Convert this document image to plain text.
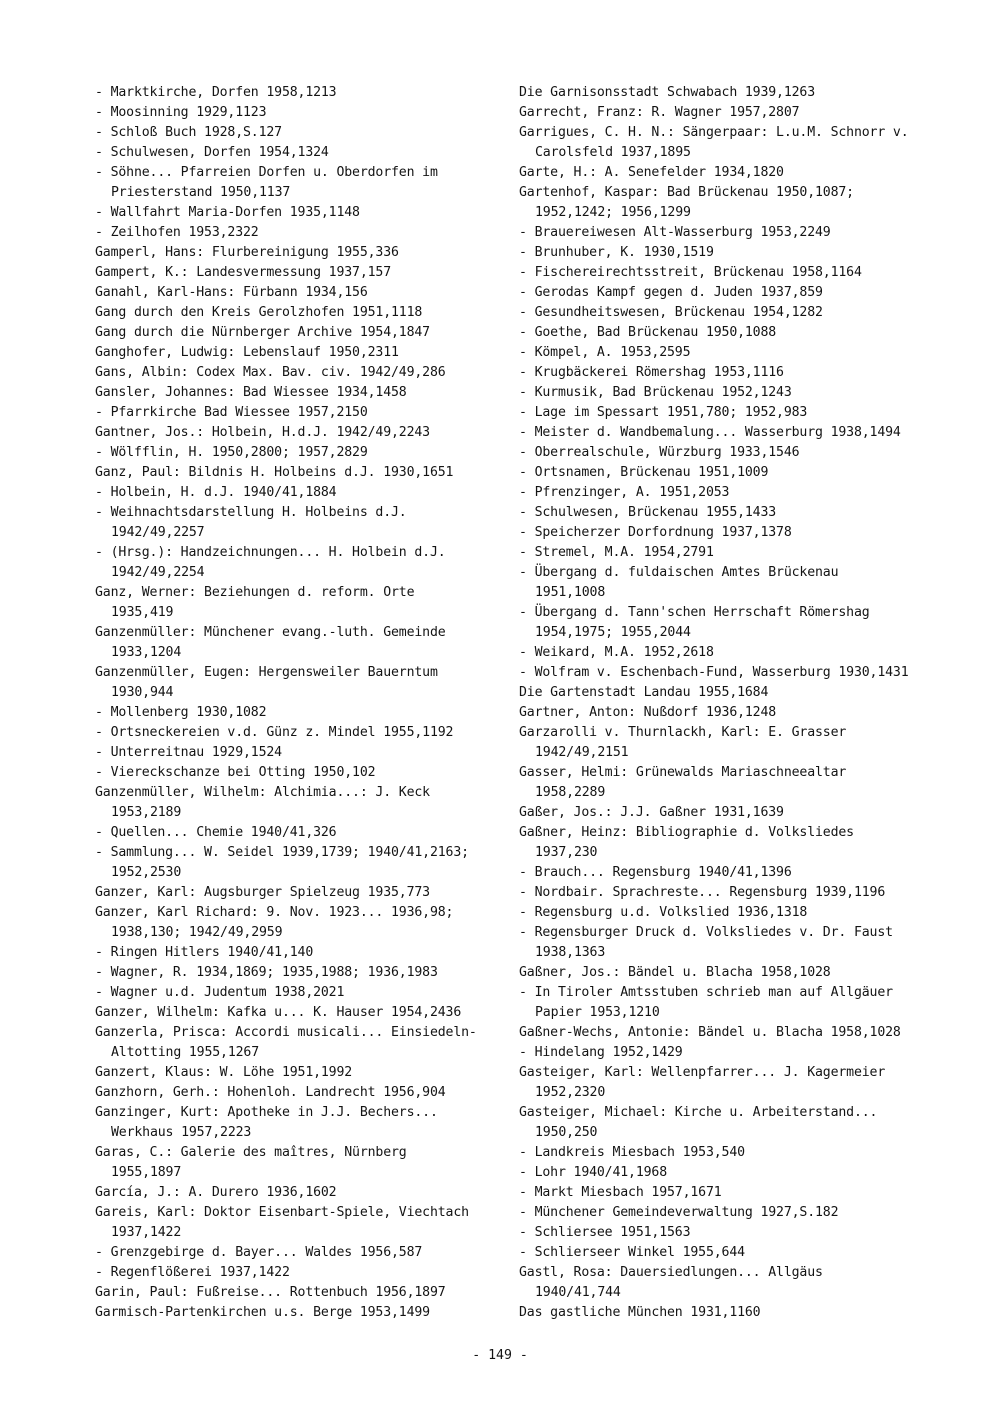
- Marktkirche, Dorfen 1958,1213
- Moosinning 1929,1123
- Schloß Buch 1928,S.127
- Schulwesen, Dorfen 1954,1324
- Söhne... Pfarreien Dorfen u. Oberdorfen im
Priesterstand 1950,1137
- Wallfahrt Maria-Dorfen 1935,1148
- Zeilhofen 1953,2322
Gamperl, Hans: Flurbereinigung 1955,336
Gampert, K.: Landesvermessung 1937,157
Ganahl, Karl-Hans: Fürbann 1934,156
Gang durch den Kreis Gerolzhofen 1951,1118
Gang durch die Nürnberger Archive 1954,1847
Ganghofer, Ludwig: Lebenslauf 1950,2311
Gans, Albin: Codex Max. Bav. civ. 1942/49,286
Gansler, Johannes: Bad Wiessee 1934,1458
- Pfarrkirche Bad Wiessee 1957,2150
Gantner, Jos.: Holbein, H.d.J. 1942/49,2243
- Wölfflin, H. 1950,2800; 1957,2829
Ganz, Paul: Bildnis H. Holbeins d.J. 1930,1651
- Holbein, H. d.J. 1940/41,1884
- Weihnachtsdarstellung H. Holbeins d.J.
1942/49,2257
- (Hrsg.): Handzeichnungen... H. Holbein d.J.
1942/49,2254
Ganz, Werner: Beziehungen d. reform. Orte
1935,419
Ganzenmüller: Münchener evang.-luth. Gemeinde
1933,1204
Ganzenmüller, Eugen: Hergensweiler Bauerntum
1930,944
- Mollenberg 1930,1082
- Ortsneckereien v.d. Günz z. Mindel 1955,1192
- Unterreitnau 1929,1524
- Viereckschanze bei Otting 1950,102
Ganzenmüller, Wilhelm: Alchimia...: J. Keck
1953,2189
- Quellen... Chemie 1940/41,326
- Sammlung... W. Seidel 1939,1739; 1940/41,2163;
1952,2530
Ganzer, Karl: Augsburger Spielzeug 1935,773
Ganzer, Karl Richard: 9. Nov. 1923... 1936,98;
1938,130; 1942/49,2959
- Ringen Hitlers 1940/41,140
- Wagner, R. 1934,1869; 1935,1988; 1936,1983
- Wagner u.d. Judentum 1938,2021
Ganzer, Wilhelm: Kafka u... K. Hauser 1954,2436
Ganzerla, Prisca: Accordi musicali... Einsiedeln-
Altotting 1955,1267
Ganzert, Klaus: W. Löhe 1951,1992
Ganzhorn, Gerh.: Hohenloh. Landrecht 1956,904
Ganzinger, Kurt: Apotheke in J.J. Bechers...
Werkhaus 1957,2223
Garas, C.: Galerie des maîtres, Nürnberg
1955,1897
García, J.: A. Durero 1936,1602
Gareis, Karl: Doktor Eisenbart-Spiele, Viechtach
1937,1422
- Grenzgebirge d. Bayer... Waldes 1956,587
- Regenflößerei 1937,1422
Garin, Paul: Fußreise... Rottenbuch 1956,1897
Garmisch-Partenkirchen u.s. Berge 1953,1499
Die Garnisonsstadt Schwabach 1939,1263
Garrecht, Franz: R. Wagner 1957,2807
Garrigues, C. H. N.: Sängerpaar: L.u.M. Schnorr v.
Carolsfeld 1937,1895
Garte, H.: A. Senefelder 1934,1820
Gartenhof, Kaspar: Bad Brückenau 1950,1087;
1952,1242; 1956,1299
- Brauereiwesen Alt-Wasserburg 1953,2249
- Brunhuber, K. 1930,1519
- Fischereirechtsstreit, Brückenau 1958,1164
- Gerodas Kampf gegen d. Juden 1937,859
- Gesundheitswesen, Brückenau 1954,1282
- Goethe, Bad Brückenau 1950,1088
- Kömpel, A. 1953,2595
- Krugbäckerei Römershag 1953,1116
- Kurmusik, Bad Brückenau 1952,1243
- Lage im Spessart 1951,780; 1952,983
- Meister d. Wandbemalung... Wasserburg 1938,1494
- Oberrealschule, Würzburg 1933,1546
- Ortsnamen, Brückenau 1951,1009
- Pfrenzinger, A. 1951,2053
- Schulwesen, Brückenau 1955,1433
- Speicherzer Dorfordnung 1937,1378
- Stremel, M.A. 1954,2791
- Übergang d. fuldaischen Amtes Brückenau
1951,1008
- Übergang d. Tann'schen Herrschaft Römershag
1954,1975; 1955,2044
- Weikard, M.A. 1952,2618
- Wolfram v. Eschenbach-Fund, Wasserburg 1930,1431
Die Gartenstadt Landau 1955,1684
Gartner, Anton: Nußdorf 1936,1248
Garzarolli v. Thurnlackh, Karl: E. Grasser
1942/49,2151
Gasser, Helmi: Grünewalds Mariaschneealtar
1958,2289
Gaßer, Jos.: J.J. Gaßner 1931,1639
Gaßner, Heinz: Bibliographie d. Volksliedes
1937,230
- Brauch... Regensburg 1940/41,1396
- Nordbair. Sprachreste... Regensburg 1939,1196
- Regensburg u.d. Volkslied 1936,1318
- Regensburger Druck d. Volksliedes v. Dr. Faust
1938,1363
Gaßner, Jos.: Bändel u. Blacha 1958,1028
- In Tiroler Amtsstuben schrieb man auf Allgäuer
Papier 1953,1210
Gaßner-Wechs, Antonie: Bändel u. Blacha 1958,1028
- Hindelang 1952,1429
Gasteiger, Karl: Wellenpfarrer... J. Kagermeier
1952,2320
Gasteiger, Michael: Kirche u. Arbeiterstand...
1950,250
- Landkreis Miesbach 1953,540
- Lohr 1940/41,1968
- Markt Miesbach 1957,1671
- Münchener Gemeindeverwaltung 1927,S.182
- Schliersee 1951,1563
- Schlierseer Winkel 1955,644
Gastl, Rosa: Dauersiedlungen... Allgäus
1940/41,744
Das gastliche München 1931,1160
- 149 -
